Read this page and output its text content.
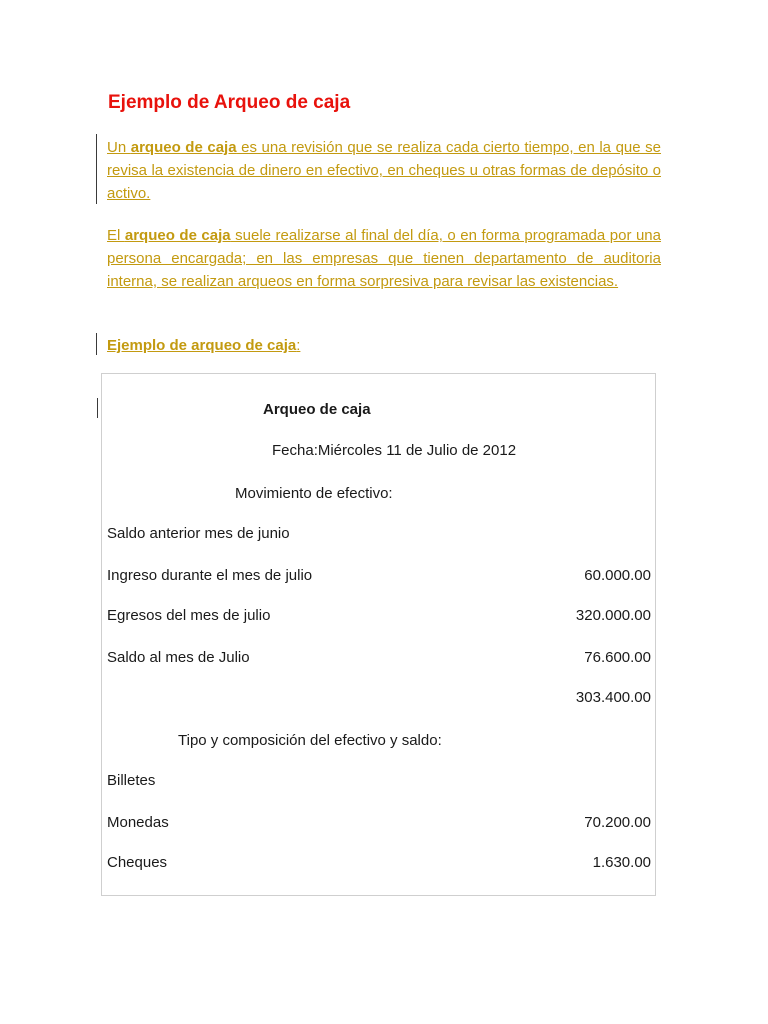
Ejemplo de Arqueo de caja

Un arqueo de caja es una revisión que se realiza cada cierto tiempo, en la que se revisa la existencia de dinero en efectivo, en cheques u otras formas de depósito o activo.

El arqueo de caja suele realizarse al final del día, o en forma programada por una persona encargada; en las empresas que tienen departamento de auditoria interna, se realizan arqueos en forma sorpresiva para revisar las existencias.

Ejemplo de arqueo de caja:

Arqueo de caja
Fecha:Miércoles 11 de Julio de 2012
Movimiento de efectivo:
Saldo anterior mes de junio
Ingreso durante el mes de julio	60.000.00
Egresos del mes de julio	320.000.00
Saldo al mes de Julio	76.600.00
303.400.00
Tipo y composición del efectivo y saldo:
Billetes
Monedas	70.200.00
Cheques	1.630.00
